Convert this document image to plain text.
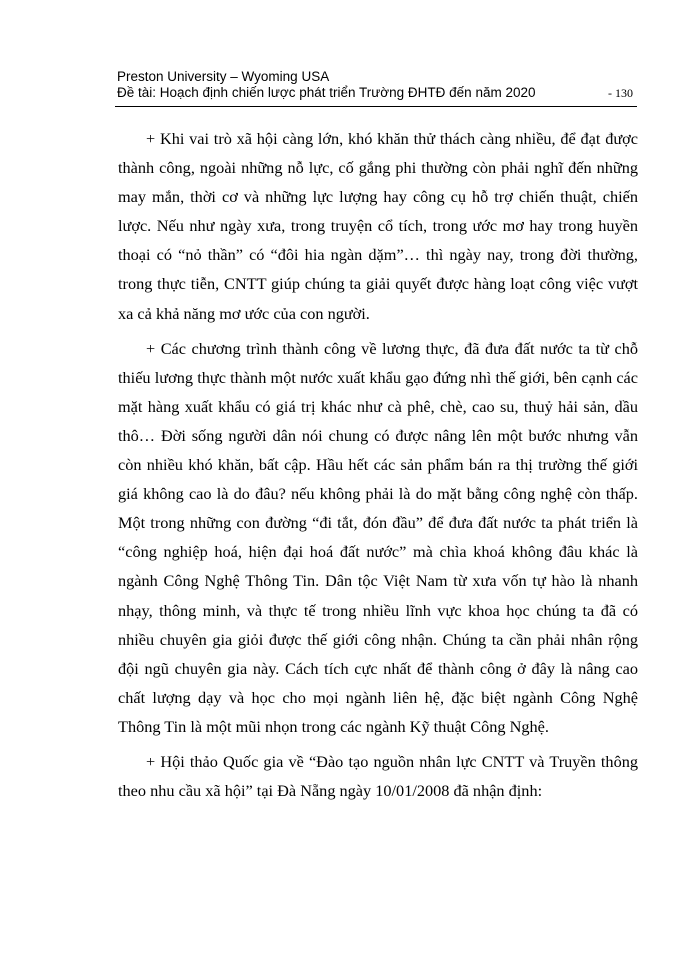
Preston University – Wyoming USA
Đề tài: Hoạch định chiến lược phát triển Trường ĐHTĐ đến năm 2020	- 130

+ Khi vai trò xã hội càng lớn, khó khăn thử thách càng nhiều, để đạt được thành công, ngoài những nỗ lực, cố gắng phi thường còn phải nghĩ đến những may mắn, thời cơ và những lực lượng hay công cụ hỗ trợ chiến thuật, chiến lược. Nếu như ngày xưa, trong truyện cổ tích, trong ước mơ hay trong huyền thoại có “nỏ thần” có “đôi hia ngàn dặm”… thì ngày nay, trong đời thường, trong thực tiễn, CNTT giúp chúng ta giải quyết được hàng loạt công việc vượt xa cả khả năng mơ ước của con người.

+ Các chương trình thành công về lương thực, đã đưa đất nước ta từ chỗ thiếu lương thực thành một nước xuất khẩu gạo đứng nhì thế giới, bên cạnh các mặt hàng xuất khẩu có giá trị khác như cà phê, chè, cao su, thuỷ hải sản, dầu thô… Đời sống người dân nói chung có được nâng lên một bước nhưng vẫn còn nhiều khó khăn, bất cập. Hầu hết các sản phẩm bán ra thị trường thế giới giá không cao là do đâu? nếu không phải là do mặt bằng công nghệ còn thấp. Một trong những con đường “đi tắt, đón đầu” để đưa đất nước ta phát triển là “công nghiệp hoá, hiện đại hoá đất nước” mà chìa khoá không đâu khác là ngành Công Nghệ Thông Tin. Dân tộc Việt Nam từ xưa vốn tự hào là nhanh nhạy, thông minh, và thực tế trong nhiều lĩnh vực khoa học chúng ta đã có nhiều chuyên gia giỏi được thế giới công nhận. Chúng ta cần phải nhân rộng đội ngũ chuyên gia này. Cách tích cực nhất để thành công ở đây là nâng cao chất lượng dạy và học cho mọi ngành liên hệ, đặc biệt ngành Công Nghệ Thông Tin là một mũi nhọn trong các ngành Kỹ thuật Công Nghệ.

+ Hội thảo Quốc gia về “Đào tạo nguồn nhân lực CNTT và Truyền thông theo nhu cầu xã hội” tại Đà Nẵng ngày 10/01/2008 đã nhận định:
